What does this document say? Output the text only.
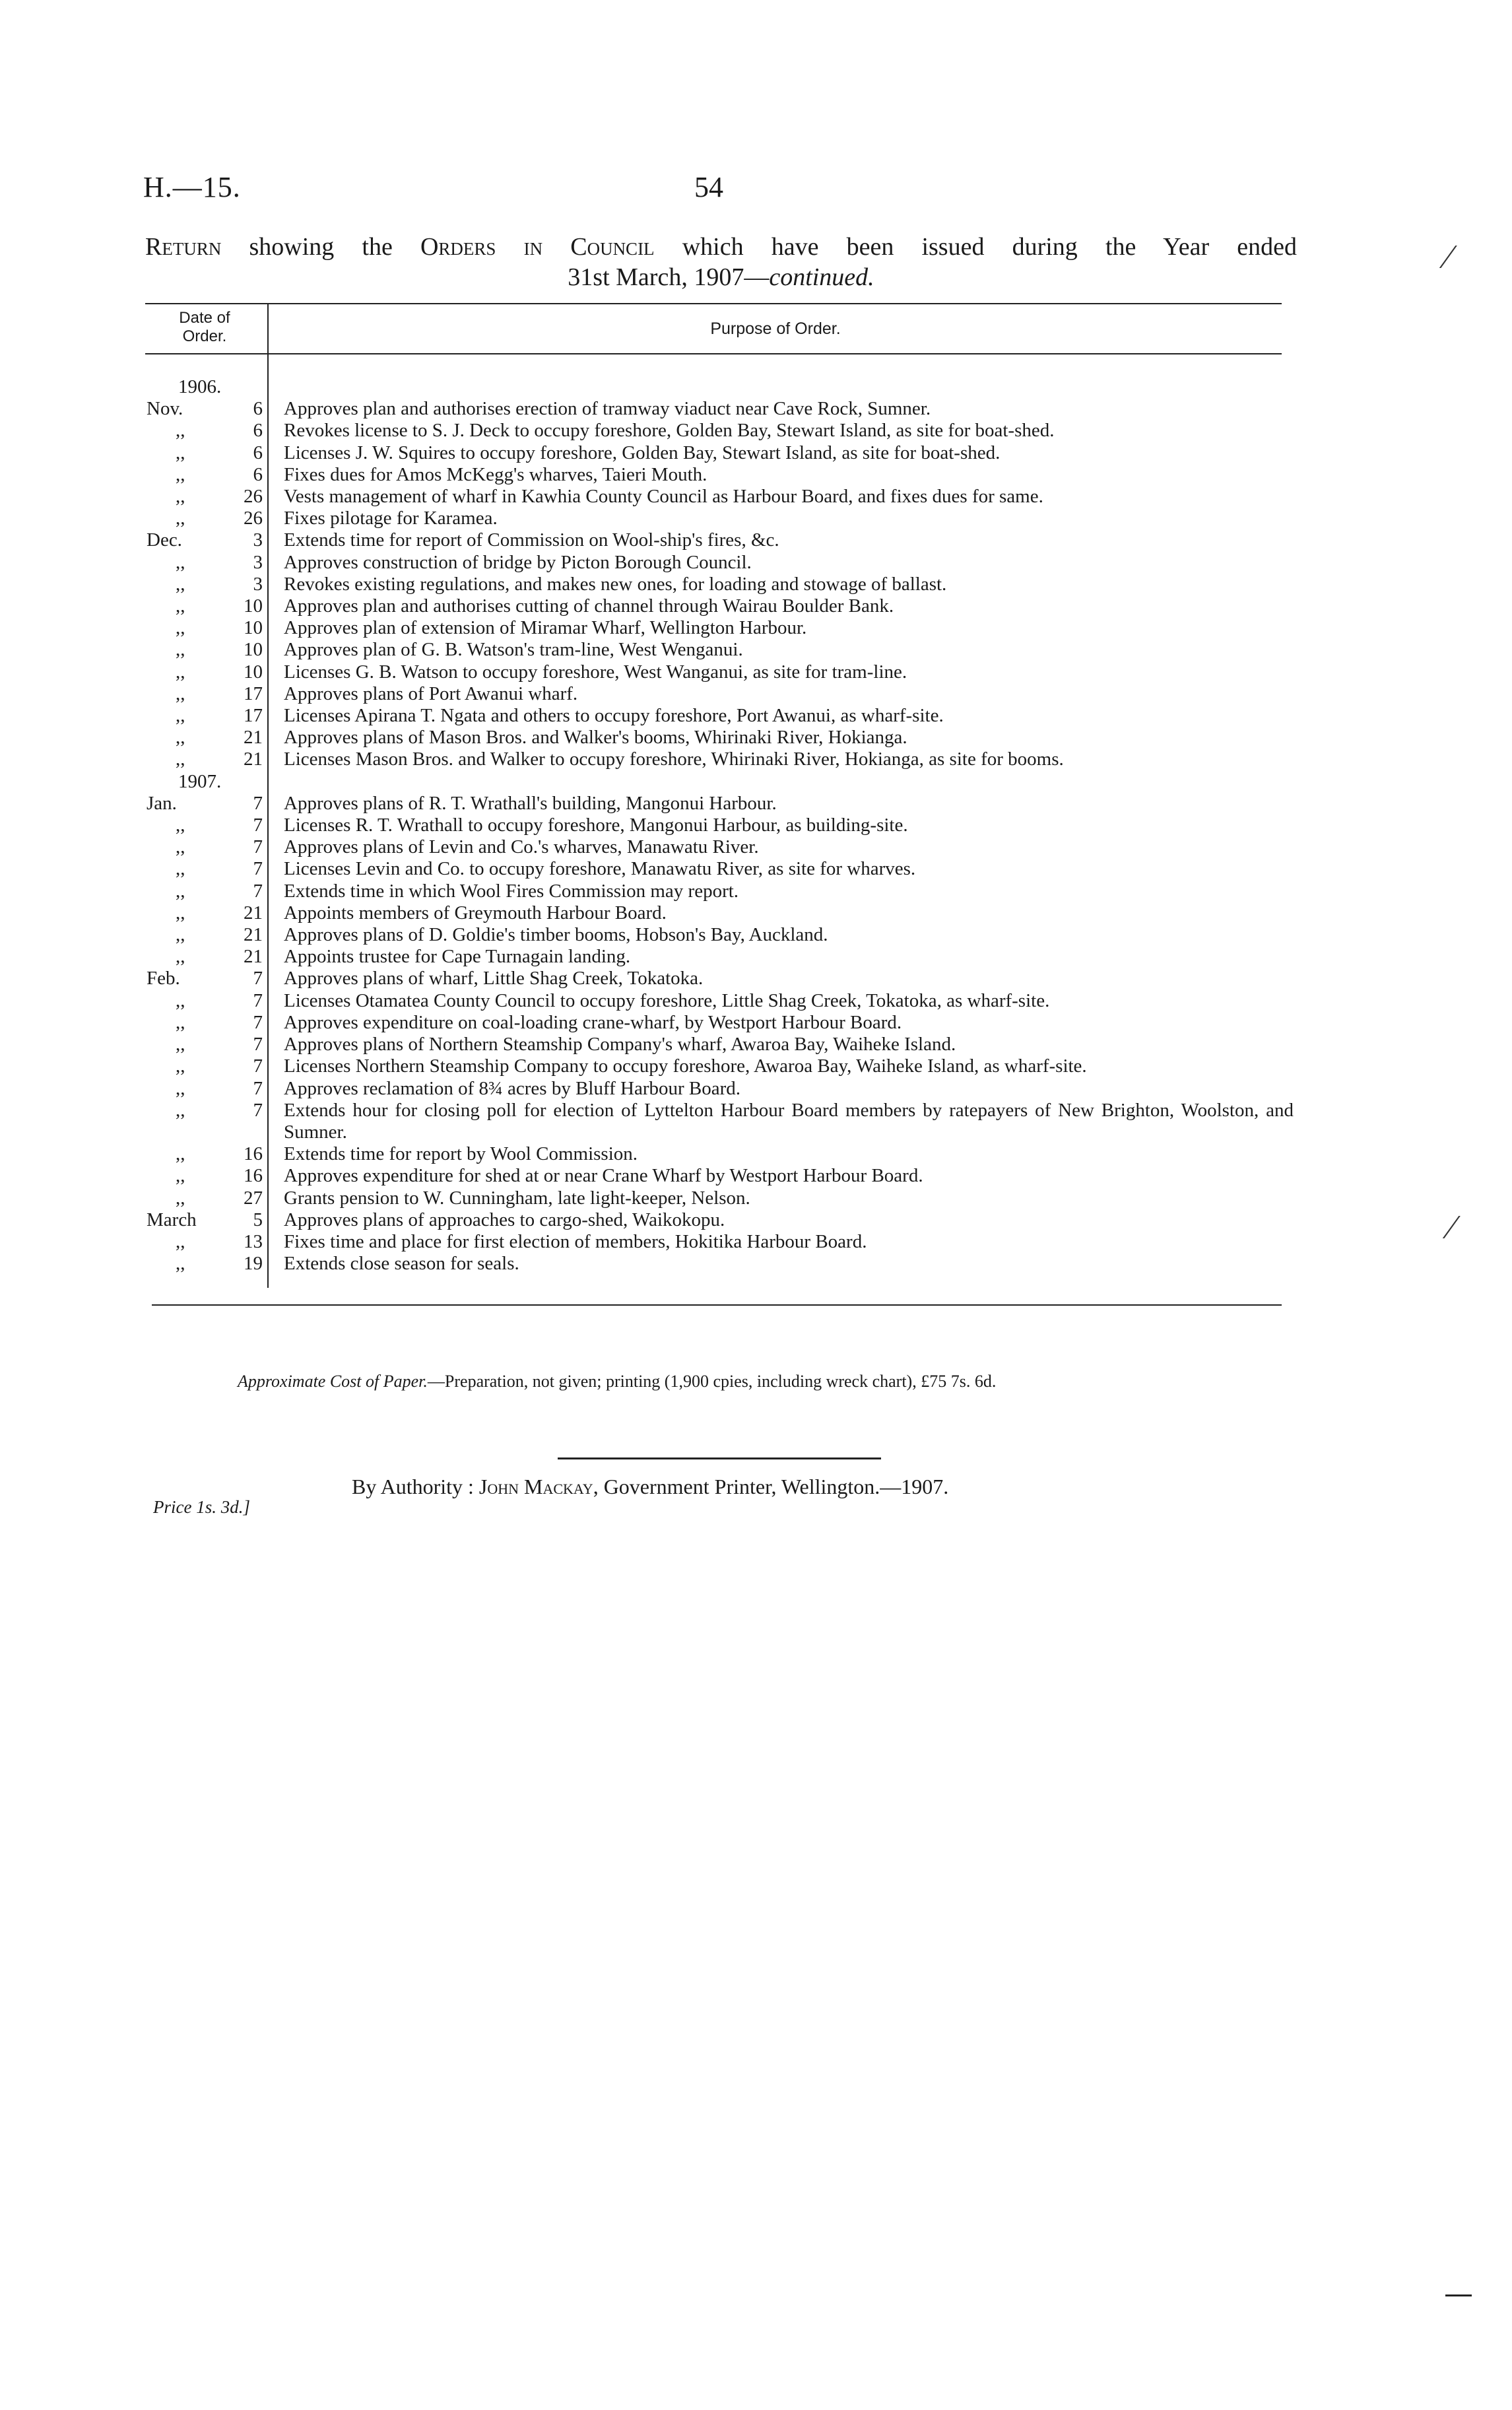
H.—15.	54
Return showing the Orders in Council which have been issued during the Year ended
31st March, 1907—continued.
Date of
Order.	Purpose of Order.
1906.
Nov.	6	Approves plan and authorises erection of tramway viaduct near Cave Rock, Sumner.
,,	6	Revokes license to S. J. Deck to occupy foreshore, Golden Bay, Stewart Island, as site for boat-shed.
,,	6	Licenses J. W. Squires to occupy foreshore, Golden Bay, Stewart Island, as site for boat-shed.
,,	6	Fixes dues for Amos McKegg's wharves, Taieri Mouth.
,,	26	Vests management of wharf in Kawhia County Council as Harbour Board, and fixes dues for same.
,,	26	Fixes pilotage for Karamea.
Dec.	3	Extends time for report of Commission on Wool-ship's fires, &c.
,,	3	Approves construction of bridge by Picton Borough Council.
,,	3	Revokes existing regulations, and makes new ones, for loading and stowage of ballast.
,,	10	Approves plan and authorises cutting of channel through Wairau Boulder Bank.
,,	10	Approves plan of extension of Miramar Wharf, Wellington Harbour.
,,	10	Approves plan of G. B. Watson's tram-line, West Wenganui.
,,	10	Licenses G. B. Watson to occupy foreshore, West Wanganui, as site for tram-line.
,,	17	Approves plans of Port Awanui wharf.
,,	17	Licenses Apirana T. Ngata and others to occupy foreshore, Port Awanui, as wharf-site.
,,	21	Approves plans of Mason Bros. and Walker's booms, Whirinaki River, Hokianga.
,,	21	Licenses Mason Bros. and Walker to occupy foreshore, Whirinaki River, Hokianga, as site for booms.
1907.
Jan.	7	Approves plans of R. T. Wrathall's building, Mangonui Harbour.
,,	7	Licenses R. T. Wrathall to occupy foreshore, Mangonui Harbour, as building-site.
,,	7	Approves plans of Levin and Co.'s wharves, Manawatu River.
,,	7	Licenses Levin and Co. to occupy foreshore, Manawatu River, as site for wharves.
,,	7	Extends time in which Wool Fires Commission may report.
,,	21	Appoints members of Greymouth Harbour Board.
,,	21	Approves plans of D. Goldie's timber booms, Hobson's Bay, Auckland.
,,	21	Appoints trustee for Cape Turnagain landing.
Feb.	7	Approves plans of wharf, Little Shag Creek, Tokatoka.
,,	7	Licenses Otamatea County Council to occupy foreshore, Little Shag Creek, Tokatoka, as wharf-site.
,,	7	Approves expenditure on coal-loading crane-wharf, by Westport Harbour Board.
,,	7	Approves plans of Northern Steamship Company's wharf, Awaroa Bay, Waiheke Island.
,,	7	Licenses Northern Steamship Company to occupy foreshore, Awaroa Bay, Waiheke Island, as wharf-site.
,,	7	Approves reclamation of 8¾ acres by Bluff Harbour Board.
,,	7	Extends hour for closing poll for election of Lyttelton Harbour Board members by ratepayers of New Brighton, Woolston, and Sumner.
,,	16	Extends time for report by Wool Commission.
,,	16	Approves expenditure for shed at or near Crane Wharf by Westport Harbour Board.
,,	27	Grants pension to W. Cunningham, late light-keeper, Nelson.
March	5	Approves plans of approaches to cargo-shed, Waikokopu.
,,	13	Fixes time and place for first election of members, Hokitika Harbour Board.
,,	19	Extends close season for seals.
Approximate Cost of Paper.—Preparation, not given; printing (1,900 cpies, including wreck chart), £75 7s. 6d.
By Authority : John Mackay, Government Printer, Wellington.—1907.
Price 1s. 3d.]
⁄
⁄
